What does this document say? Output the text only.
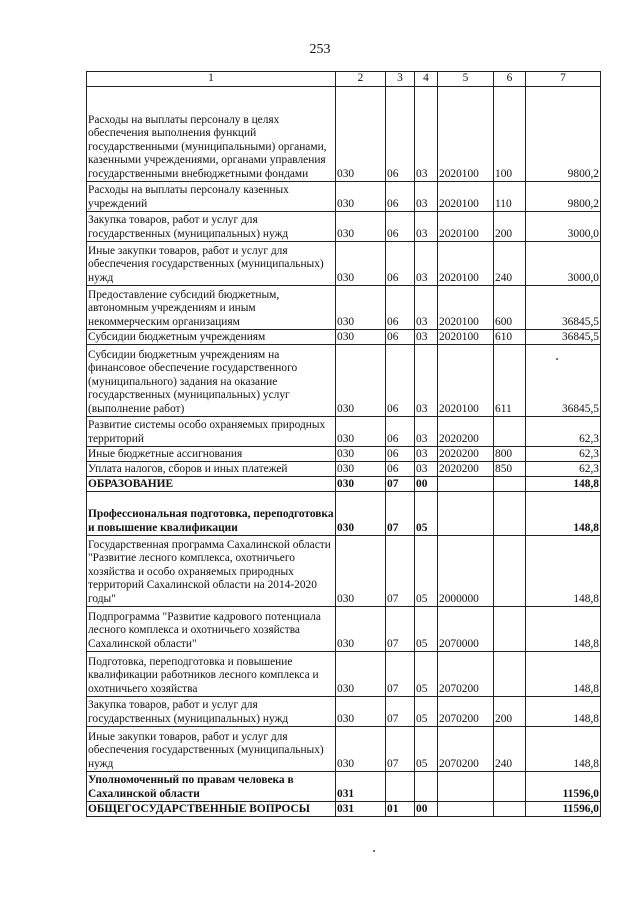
253
1	2	3	4	5	6	7
Расходы на выплаты персоналу в целях обеспечения выполнения функций государственными (муниципальными) органами, казенными учреждениями, органами управления государственными внебюджетными фондами	030	06	03	2020100	100	9800,2
Расходы на выплаты персоналу казенных учреждений	030	06	03	2020100	110	9800,2
Закупка товаров, работ и услуг для государственных (муниципальных) нужд	030	06	03	2020100	200	3000,0
Иные закупки товаров, работ и услуг для обеспечения государственных (муниципальных) нужд	030	06	03	2020100	240	3000,0
Предоставление субсидий бюджетным, автономным учреждениям и иным некоммерческим организациям	030	06	03	2020100	600	36845,5
Субсидии бюджетным учреждениям	030	06	03	2020100	610	36845,5
Субсидии бюджетным учреждениям на финансовое обеспечение государственного (муниципального) задания на оказание государственных (муниципальных) услуг (выполнение работ)	030	06	03	2020100	611	36845,5
Развитие системы особо охраняемых природных территорий	030	06	03	2020200		62,3
Иные бюджетные ассигнования	030	06	03	2020200	800	62,3
Уплата налогов, сборов и иных платежей	030	06	03	2020200	850	62,3
ОБРАЗОВАНИЕ	030	07	00			148,8
Профессиональная подготовка, переподготовка и повышение квалификации	030	07	05			148,8
Государственная программа Сахалинской области "Развитие лесного комплекса, охотничьего хозяйства и особо охраняемых природных территорий Сахалинской области на 2014-2020 годы"	030	07	05	2000000		148,8
Подпрограмма "Развитие кадрового потенциала лесного комплекса и охотничьего хозяйства Сахалинской области"	030	07	05	2070000		148,8
Подготовка, переподготовка и повышение квалификации работников лесного комплекса и охотничьего хозяйства	030	07	05	2070200		148,8
Закупка товаров, работ и услуг для государственных (муниципальных) нужд	030	07	05	2070200	200	148,8
Иные закупки товаров, работ и услуг для обеспечения государственных (муниципальных) нужд	030	07	05	2070200	240	148,8
Уполномоченный по правам человека в Сахалинской области	031					11596,0
ОБЩЕГОСУДАРСТВЕННЫЕ ВОПРОСЫ	031	01	00			11596,0
